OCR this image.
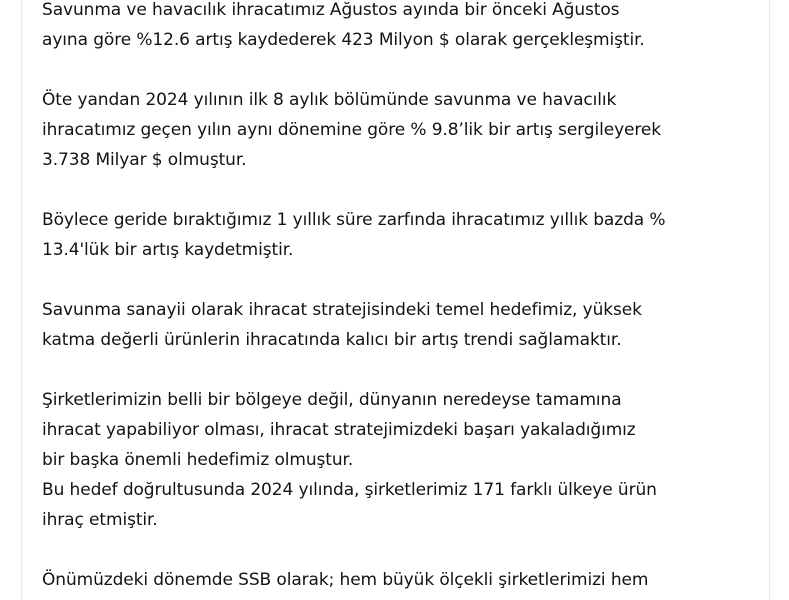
Savunma ve havacılık ihracatımız Ağustos ayında bir önceki Ağustos
ayına göre %12.6 artış kaydederek 423 Milyon $ olarak gerçekleşmiştir.
Öte yandan 2024 yılının ilk 8 aylık bölümünde savunma ve havacılık
ihracatımız geçen yılın aynı dönemine göre % 9.8’lik bir artış sergileyerek
3.738 Milyar $ olmuştur.
Böylece geride bıraktığımız 1 yıllık süre zarfında ihracatımız yıllık bazda %
13.4'lük bir artış kaydetmiştir.
Savunma sanayii olarak ihracat stratejisindeki temel hedefimiz, yüksek
katma değerli ürünlerin ihracatında kalıcı bir artış trendi sağlamaktır.
Şirketlerimizin belli bir bölgeye değil, dünyanın neredeyse tamamına
ihracat yapabiliyor olması, ihracat stratejimizdeki başarı yakaladığımız
bir başka önemli hedefimiz olmuştur.
Bu hedef doğrultusunda 2024 yılında, şirketlerimiz 171 farklı ülkeye ürün
ihraç etmiştir.
Önümüzdeki dönemde SSB olarak; hem büyük ölçekli şirketlerimizi hem
